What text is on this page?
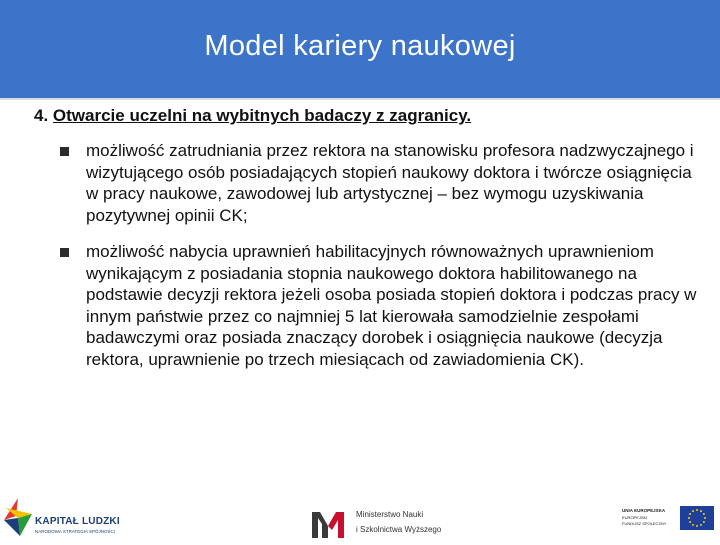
Model kariery naukowej
4. Otwarcie uczelni na wybitnych badaczy z zagranicy.
możliwość zatrudniania przez rektora na stanowisku profesora nadzwyczajnego i wizytującego osób posiadających stopień naukowy doktora i twórcze osiągnięcia w pracy naukowe, zawodowej lub artystycznej – bez wymogu uzyskiwania pozytywnej opinii CK;
możliwość nabycia uprawnień habilitacyjnych równoważnych uprawnieniom wynikającym z posiadania stopnia naukowego doktora habilitowanego na podstawie decyzji rektora jeżeli osoba posiada stopień doktora i podczas pracy w innym państwie przez co najmniej 5 lat kierowała samodzielnie zespołami badawczymi oraz posiada znaczący dorobek i osiągnięcia naukowe (decyzja rektora, uprawnienie po trzech miesiącach od zawiadomienia CK).
KAPITAŁ LUDZKI
NARODOWA STRATEGIA SPÓJNOŚCI
Ministerstwo Nauki
i Szkolnictwa Wyższego
UNIA EUROPEJSKA
EUROPEJSKI
FUNDUSZ SPOŁECZNY
